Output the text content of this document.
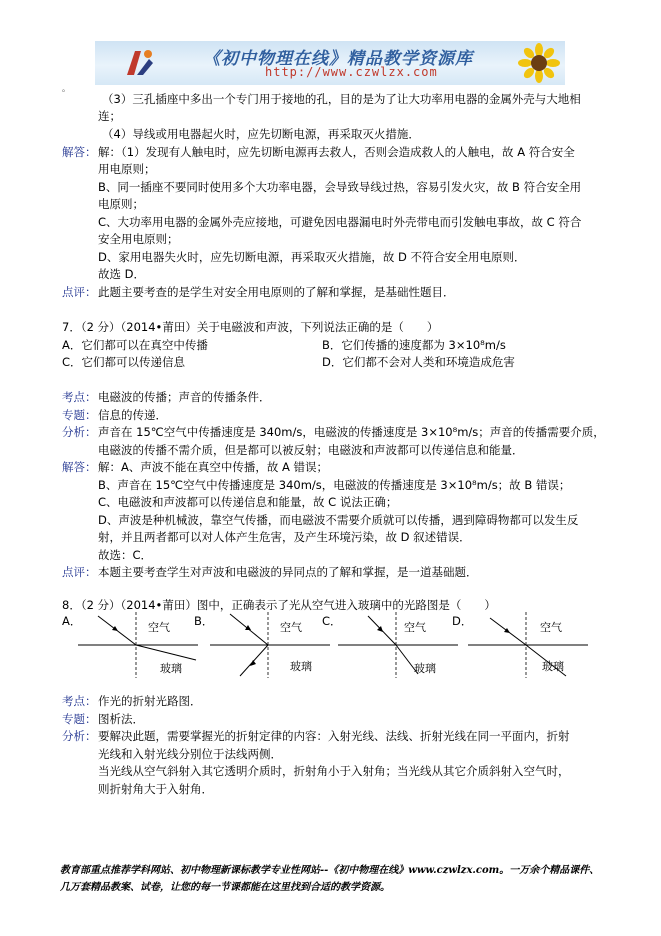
《初中物理在线》精品教学资源库
http://www.czwlzx.com
。
（3）三孔插座中多出一个专门用于接地的孔，目的是为了让大功率用电器的金属外壳与大地相
连；
（4）导线或用电器起火时，应先切断电源，再采取灭火措施．
解答： 解：（1）发现有人触电时，应先切断电源再去救人，否则会造成救人的人触电，故 A 符合安全
用电原则；
B、同一插座不要同时使用多个大功率电器，会导致导线过热，容易引发火灾，故 B 符合安全用
电原则；
C、大功率用电器的金属外壳应接地，可避免因电器漏电时外壳带电而引发触电事故，故 C 符合
安全用电原则；
D、家用电器失火时，应先切断电源，再采取灭火措施，故 D 不符合安全用电原则．
故选 D．
点评： 此题主要考查的是学生对安全用电原则的了解和掌握，是基础性题目．
7．（2 分）（2014•莆田）关于电磁波和声波，下列说法正确的是（　　）
A．它们都可以在真空中传播	B．它们传播的速度都为 3×10⁸m/s
C．它们都可以传递信息	D．它们都不会对人类和环境造成危害
考点： 电磁波的传播；声音的传播条件．
专题： 信息的传递．
分析： 声音在 15℃空气中传播速度是 340m/s，电磁波的传播速度是 3×10⁸m/s；声音的传播需要介质，
电磁波的传播不需介质，但是都可以被反射；电磁波和声波都可以传递信息和能量．
解答： 解：A、声波不能在真空中传播，故 A 错误；
B、声音在 15℃空气中传播速度是 340m/s，电磁波的传播速度是 3×10⁸m/s；故 B 错误；
C、电磁波和声波都可以传递信息和能量，故 C 说法正确；
D、声波是种机械波，靠空气传播，而电磁波不需要介质就可以传播，遇到障碍物都可以发生反
射，并且两者都可以对人体产生危害，及产生环境污染，故 D 叙述错误．
故选：C．
点评： 本题主要考查学生对声波和电磁波的异同点的了解和掌握，是一道基础题．
8．（2 分）（2014•莆田）图中，正确表示了光从空气进入玻璃中的光路图是（　　）
A．	空气
玻璃
B．	空气
玻璃
C．	空气
玻璃
D．	空气
玻璃
考点： 作光的折射光路图．
专题： 图析法．
分析： 要解决此题，需要掌握光的折射定律的内容：入射光线、法线、折射光线在同一平面内，折射
光线和入射光线分别位于法线两侧．
当光线从空气斜射入其它透明介质时，折射角小于入射角；当光线从其它介质斜射入空气时，
则折射角大于入射角．
教育部重点推荐学科网站、初中物理新课标教学专业性网站--《初中物理在线》www.czwlzx.com。一万余个精品课件、
几万套精品教案、试卷，让您的每一节课都能在这里找到合适的教学资源。
